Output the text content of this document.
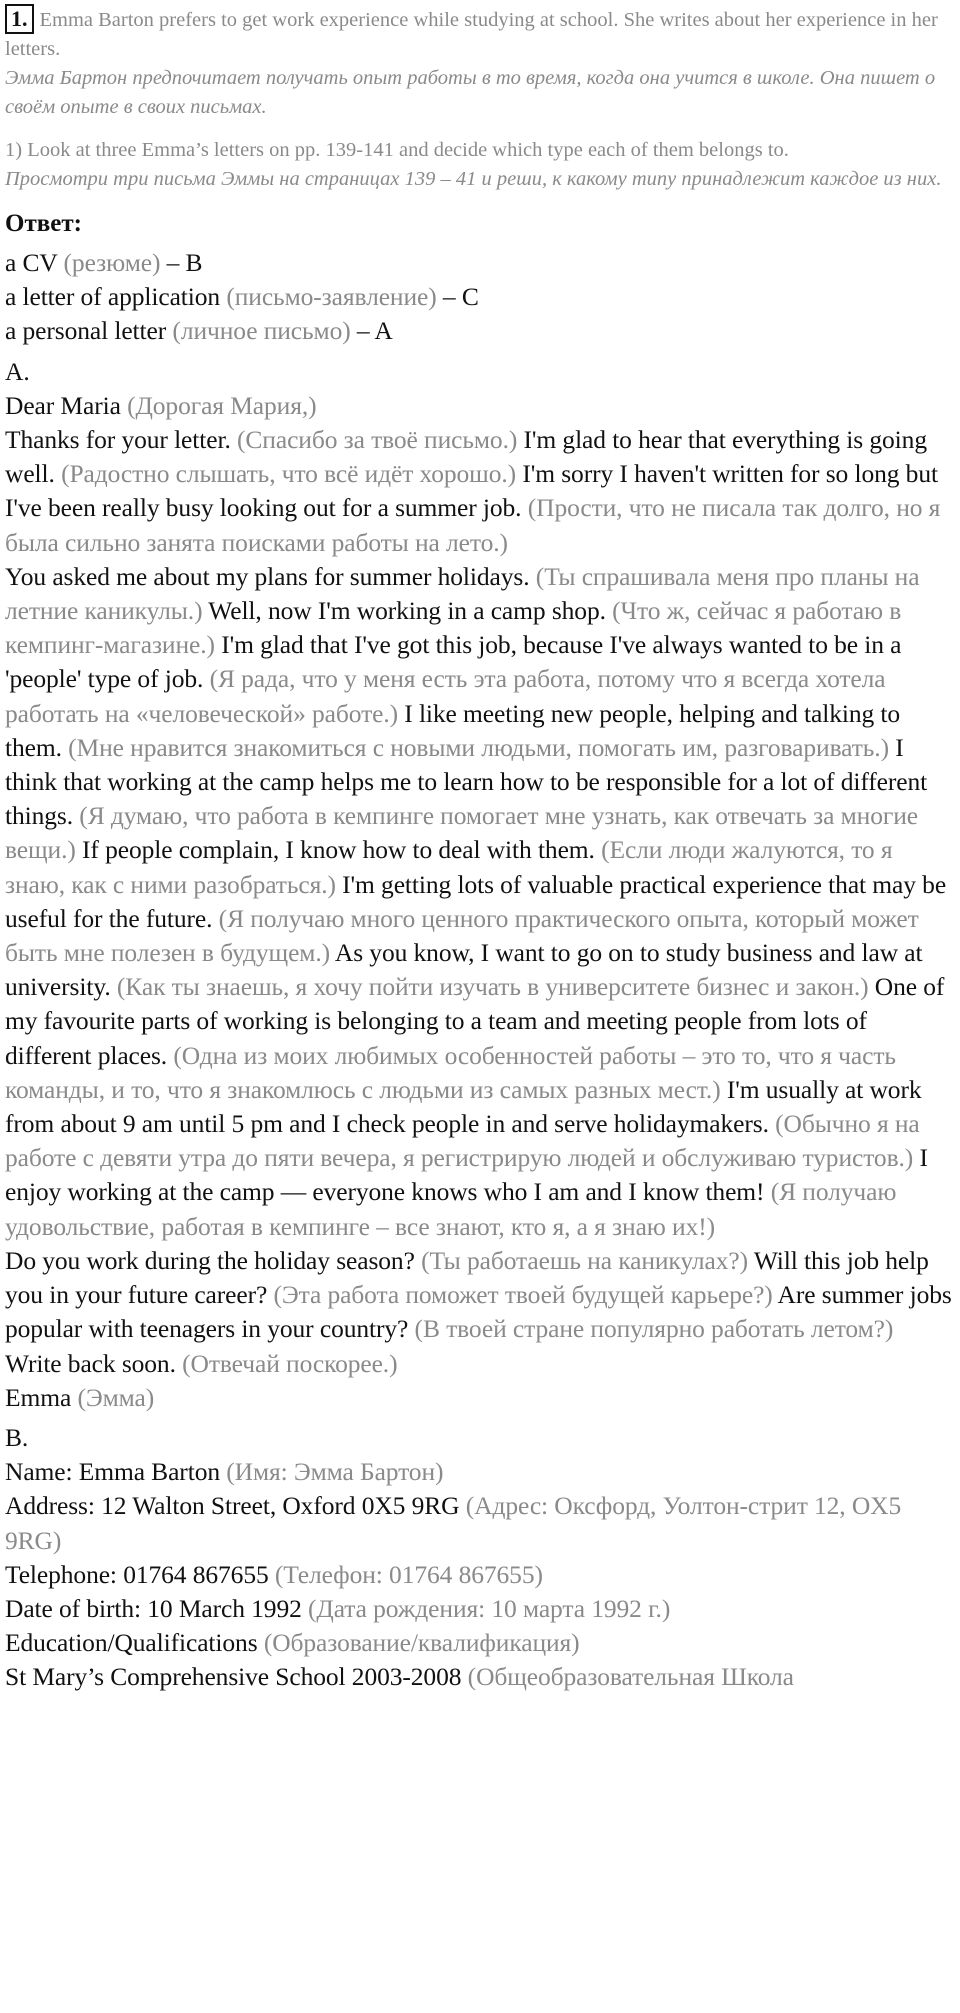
1. Emma Barton prefers to get work experience while studying at school. She writes about her experience in her letters.

Эмма Бартон предпочитает получать опыт работы в то время, когда она учится в школе. Она пишет о своём опыте в своих письмах.

1) Look at three Emma’s letters on pp. 139-141 and decide which type each of them belongs to.

Просмотри три письма Эммы на страницах 139 – 41 и реши, к какому типу принадлежит каждое из них.

Ответ:

a CV (резюме) – B

a letter of application (письмо-заявление) – C

a personal letter (личное письмо) – A

A.

Dear Maria (Дорогая Мария,)

Thanks for your letter. (Спасибо за твоё письмо.) I'm glad to hear that everything is going well. (Радостно слышать, что всё идёт хорошо.) I'm sorry I haven't written for so long but I've been really busy looking out for a summer job. (Прости, что не писала так долго, но я была сильно занята поисками работы на лето.)

You asked me about my plans for summer holidays. (Ты спрашивала меня про планы на летние каникулы.) Well, now I'm working in a camp shop. (Что ж, сейчас я работаю в кемпинг-магазине.) I'm glad that I've got this job, because I've always wanted to be in a 'people' type of job. (Я рада, что у меня есть эта работа, потому что я всегда хотела работать на «человеческой» работе.) I like meeting new people, helping and talking to them. (Мне нравится знакомиться с новыми людьми, помогать им, разговаривать.) I think that working at the camp helps me to learn how to be responsible for a lot of different things. (Я думаю, что работа в кемпинге помогает мне узнать, как отвечать за многие вещи.) If people complain, I know how to deal with them. (Если люди жалуются, то я знаю, как с ними разобраться.) I'm getting lots of valuable practical experience that may be useful for the future. (Я получаю много ценного практического опыта, который может быть мне полезен в будущем.) As you know, I want to go on to study business and law at university. (Как ты знаешь, я хочу пойти изучать в университете бизнес и закон.) One of my favourite parts of working is belonging to a team and meeting people from lots of different places. (Одна из моих любимых особенностей работы – это то, что я часть команды, и то, что я знакомлюсь с людьми из самых разных мест.) I'm usually at work from about 9 am until 5 pm and I check people in and serve holidaymakers. (Обычно я на работе с девяти утра до пяти вечера, я регистрирую людей и обслуживаю туристов.) I enjoy working at the camp — everyone knows who I am and I know them! (Я получаю удовольствие, работая в кемпинге – все знают, кто я, а я знаю их!)

Do you work during the holiday season? (Ты работаешь на каникулах?) Will this job help you in your future career? (Эта работа поможет твоей будущей карьере?) Are summer jobs popular with teenagers in your country? (В твоей стране популярно работать летом?)

Write back soon. (Отвечай поскорее.)

Emma (Эмма)

B.

Name: Emma Barton (Имя: Эмма Бартон)

Address: 12 Walton Street, Oxford 0X5 9RG (Адрес: Оксфорд, Уолтон-стрит 12, OX5 9RG)

Telephone: 01764 867655 (Телефон: 01764 867655)

Date of birth: 10 March 1992 (Дата рождения: 10 марта 1992 г.)

Education/Qualifications (Образование/квалификация)

St Mary’s Comprehensive School 2003-2008 (Общеобразовательная Школа
